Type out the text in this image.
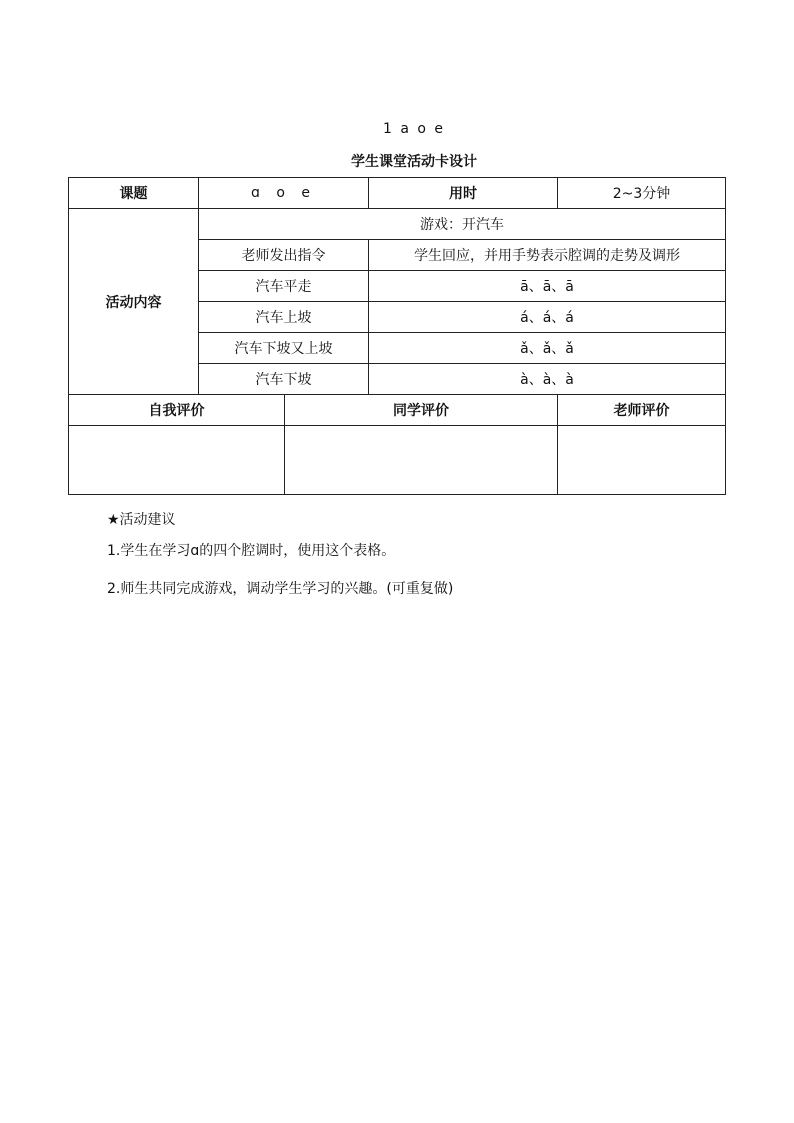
1 a o e
学生课堂活动卡设计
课题	ɑ o e		用时	2~3分钟
活动内容	游戏：开汽车			
	老师发出指令		学生回应，并用手势表示腔调的走势及调形	
	汽车平走		ā、ā、ā	
	汽车上坡		á、á、á	
	汽车下坡又上坡		ǎ、ǎ、ǎ	
	汽车下坡		à、à、à	
自我评价		同学评价		老师评价

★活动建议
1.学生在学习ɑ的四个腔调时，使用这个表格。
2.师生共同完成游戏，调动学生学习的兴趣。(可重复做)
